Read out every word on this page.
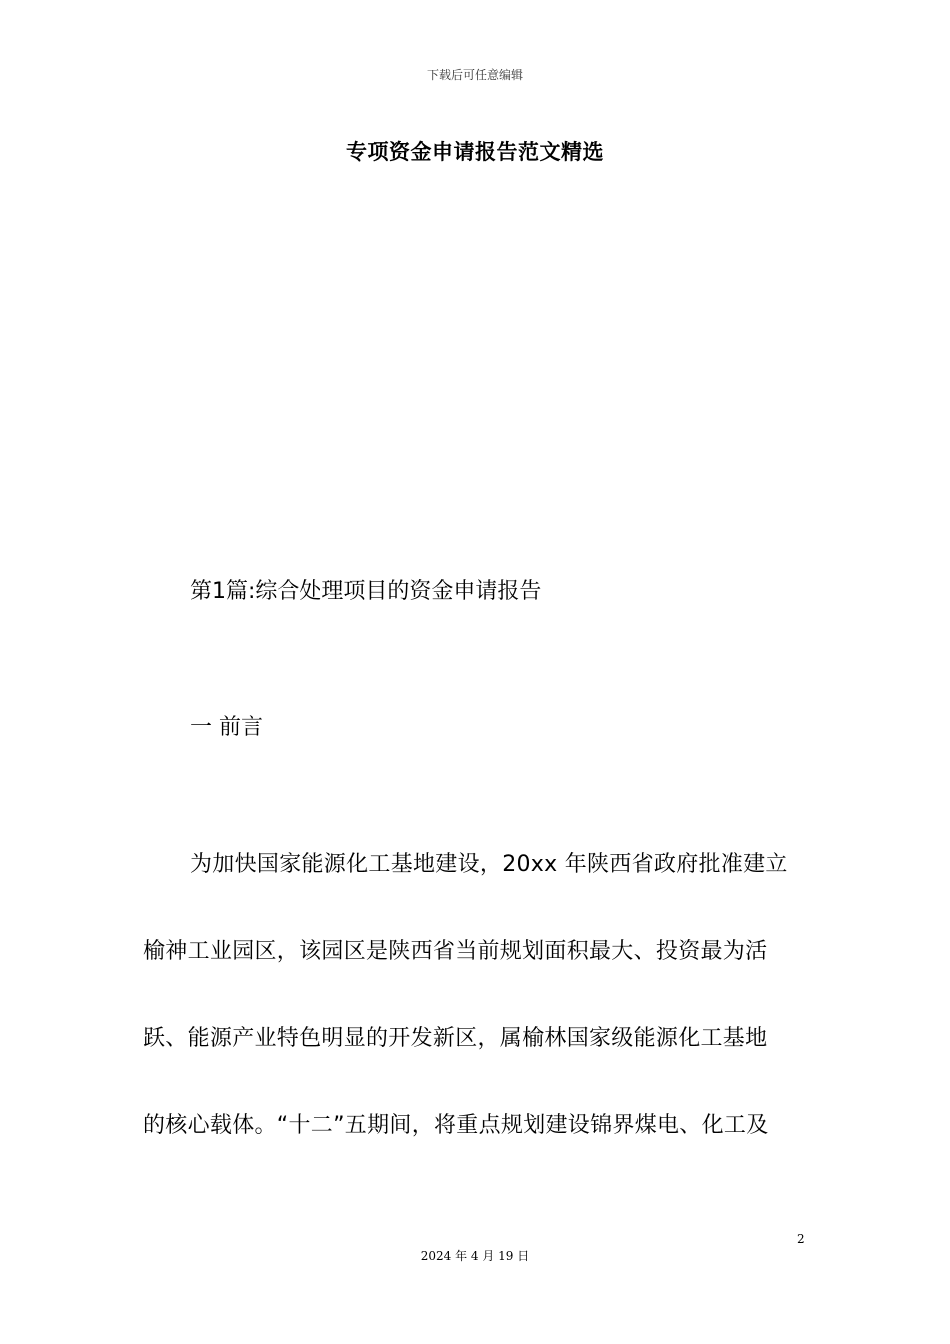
下载后可任意编辑
专项资金申请报告范文精选
第1篇:综合处理项目的资金申请报告
一 前言
为加快国家能源化工基地建设，20xx 年陕西省政府批准建立
榆神工业园区，该园区是陕西省当前规划面积最大、投资最为活
跃、能源产业特色明显的开发新区，属榆林国家级能源化工基地
的核心载体。“十二”五期间，将重点规划建设锦界煤电、化工及
2
2024 年 4 月 19 日
